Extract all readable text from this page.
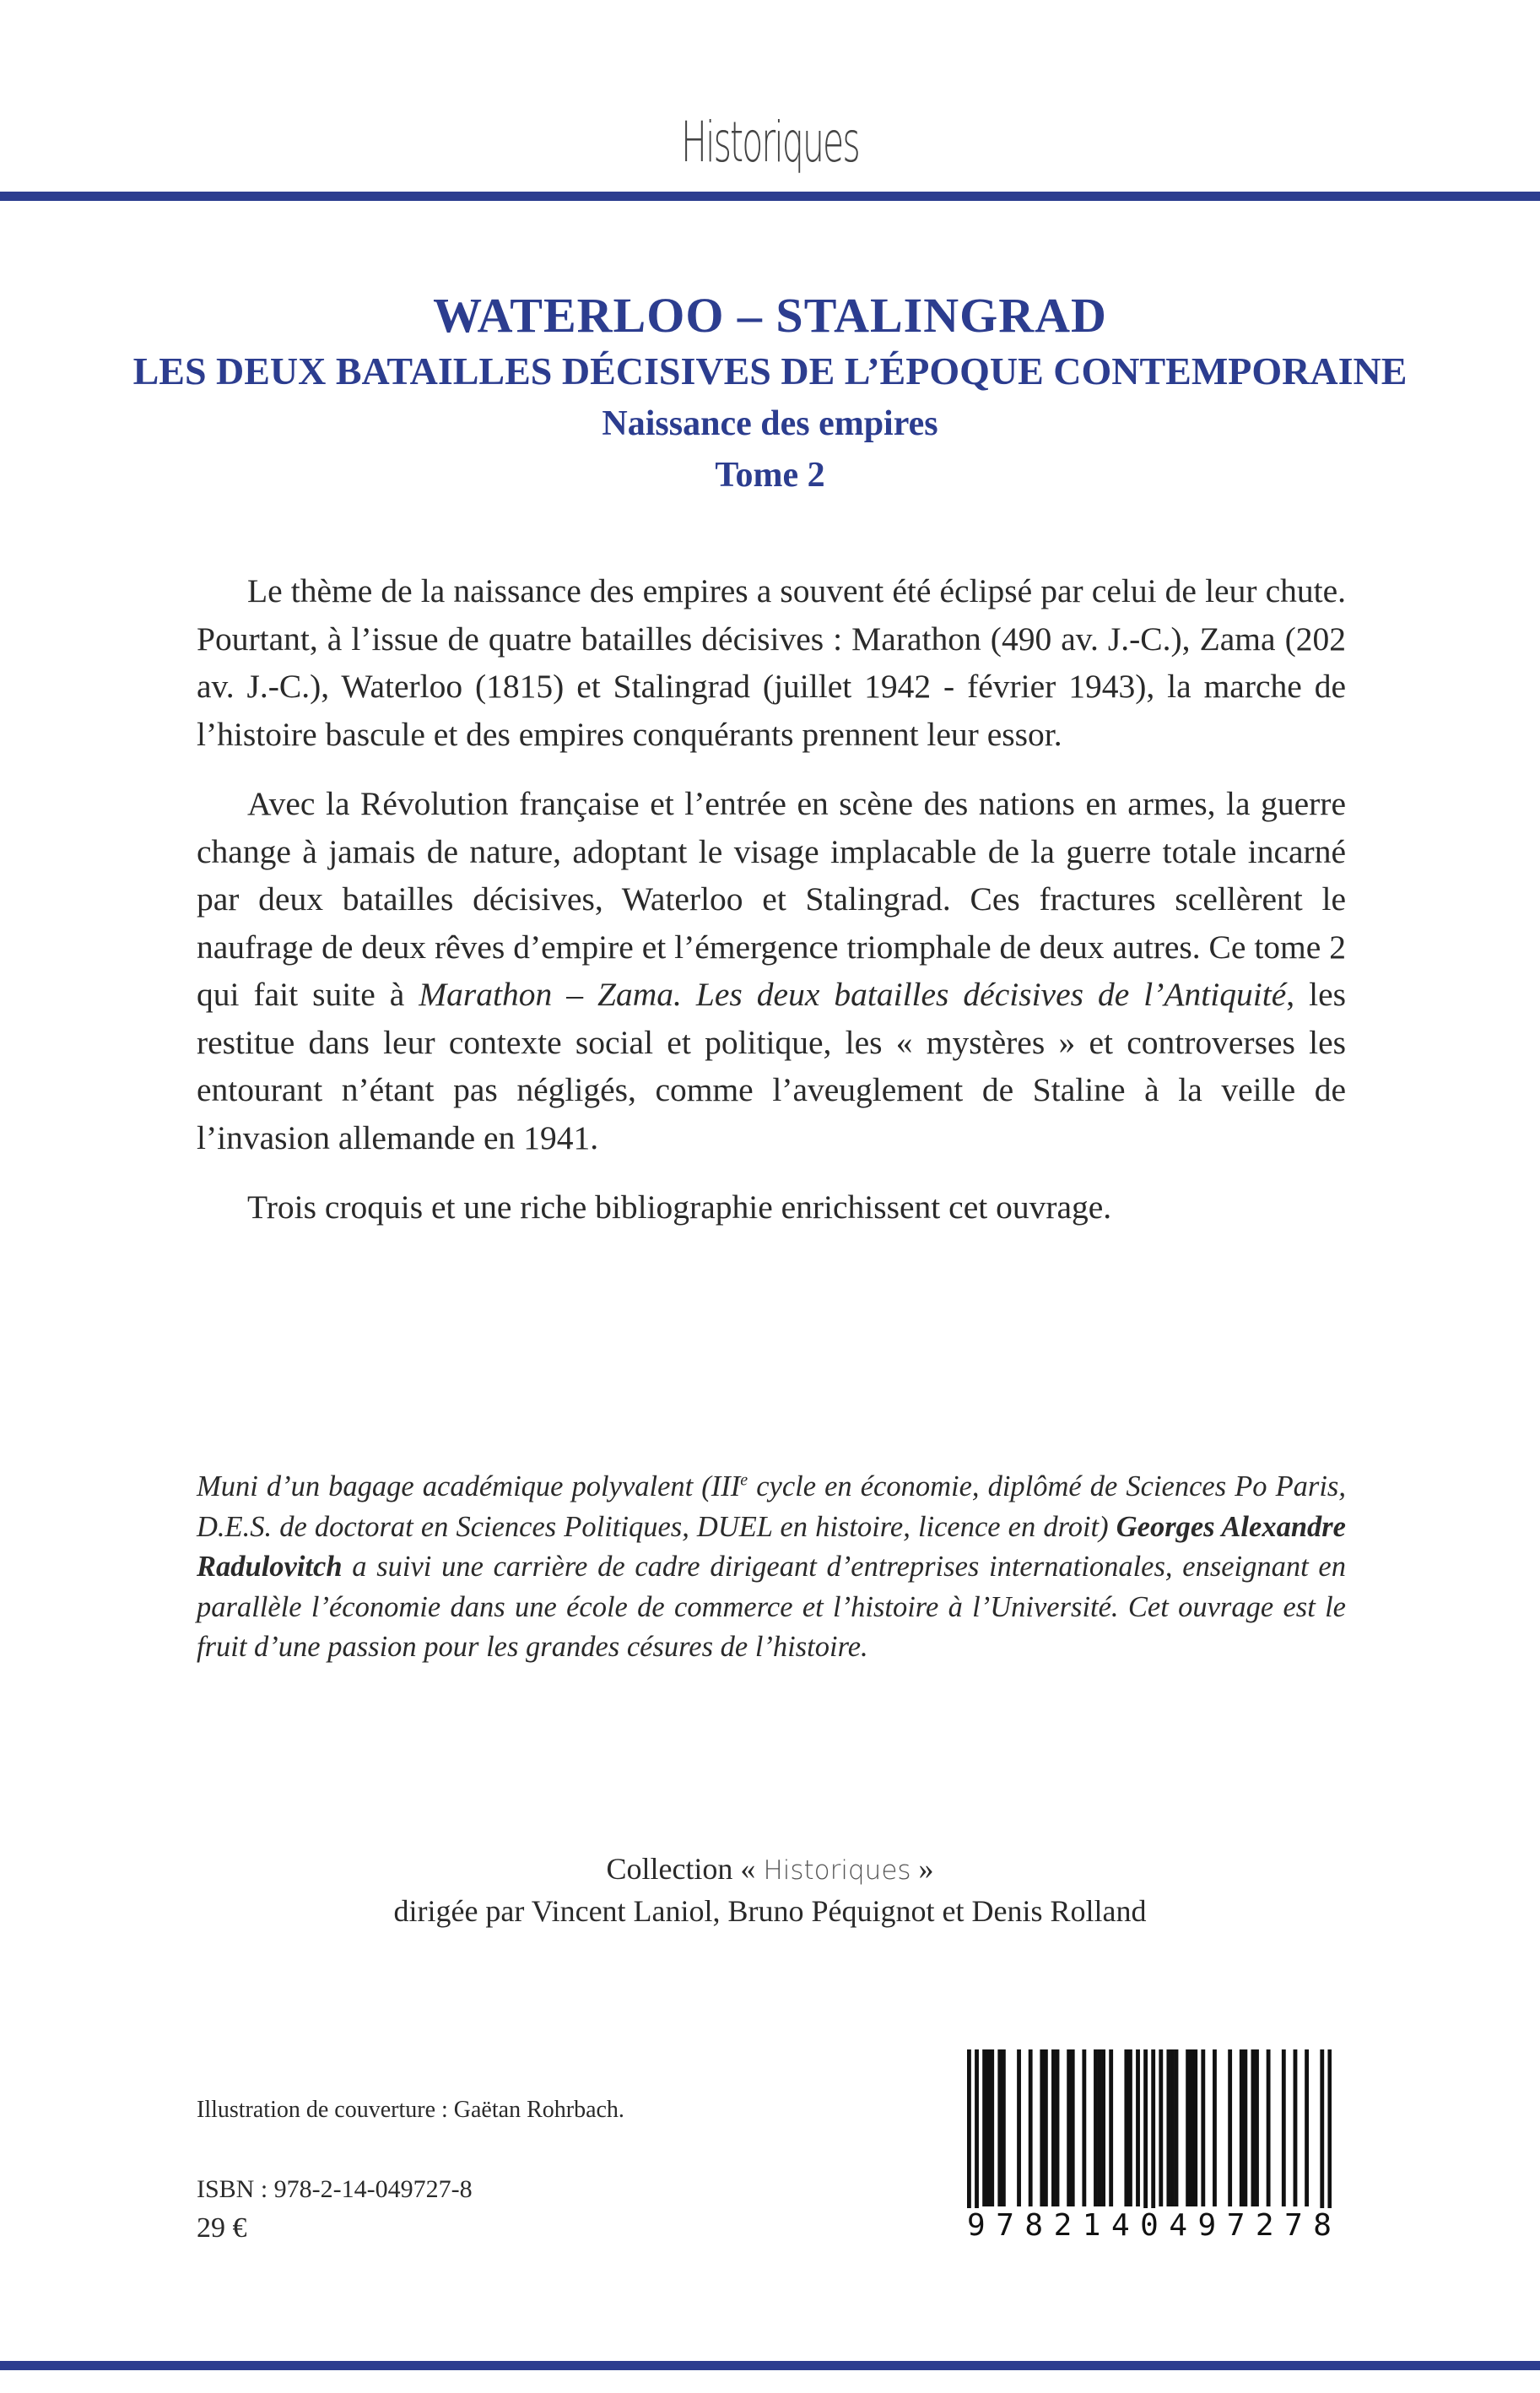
Historiques
WATERLOO – STALINGRAD
LES DEUX BATAILLES DÉCISIVES DE L’ÉPOQUE CONTEMPORAINE
Naissance des empires
Tome 2

Le thème de la naissance des empires a souvent été éclipsé par celui de leur chute. Pourtant, à l’issue de quatre batailles décisives : Marathon (490 av. J.-C.), Zama (202 av. J.-C.), Waterloo (1815) et Stalingrad (juillet 1942 - février 1943), la marche de l’histoire bascule et des empires conquérants prennent leur essor.

Avec la Révolution française et l’entrée en scène des nations en armes, la guerre change à jamais de nature, adoptant le visage implacable de la guerre totale incarné par deux batailles décisives, Waterloo et Stalingrad. Ces fractures scellèrent le naufrage de deux rêves d’empire et l’émergence triomphale de deux autres. Ce tome 2 qui fait suite à Marathon – Zama. Les deux batailles décisives de l’Antiquité, les restitue dans leur contexte social et politique, les « mystères » et controverses les entourant n’étant pas négligés, comme l’aveuglement de Staline à la veille de l’invasion allemande en 1941.

Trois croquis et une riche bibliographie enrichissent cet ouvrage.

Muni d’un bagage académique polyvalent (IIIe cycle en économie, diplômé de Sciences Po Paris, D.E.S. de doctorat en Sciences Politiques, DUEL en histoire, licence en droit) Georges Alexandre Radulovitch a suivi une carrière de cadre dirigeant d’entreprises internationales, enseignant en parallèle l’économie dans une école de commerce et l’histoire à l’Université. Cet ouvrage est le fruit d’une passion pour les grandes césures de l’histoire.
Collection « Historiques »
dirigée par Vincent Laniol, Bruno Péquignot et Denis Rolland
Illustration de couverture : Gaëtan Rohrbach.
ISBN : 978-2-14-049727-8
29 €	9 7 8 2 1 4 0 4 9 7 2 7 8
